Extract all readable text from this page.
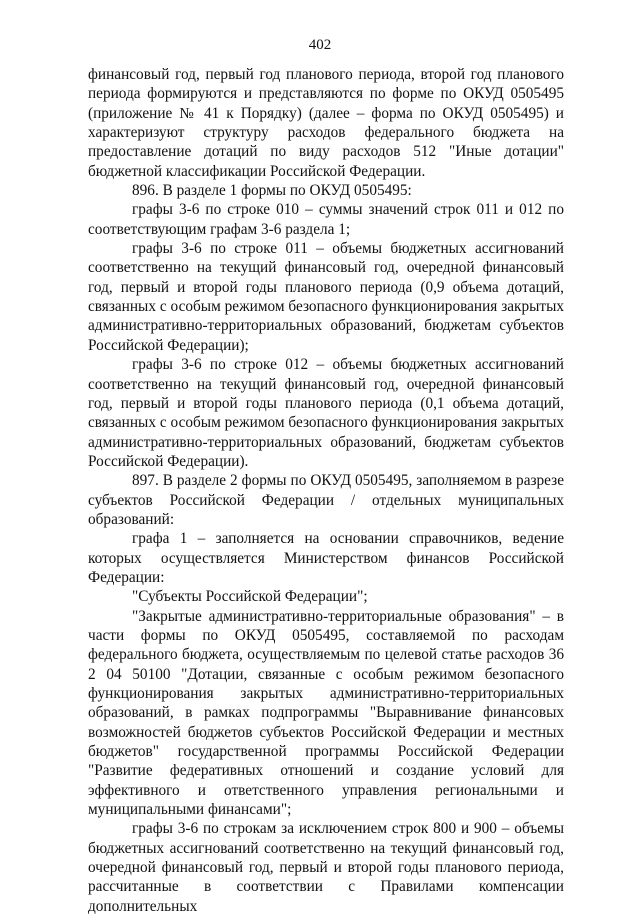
402

финансовый год, первый год планового периода, второй год планового периода формируются и представляются по форме по ОКУД 0505495 (приложение № 41 к Порядку) (далее – форма по ОКУД 0505495) и характеризуют структуру расходов федерального бюджета на предоставление дотаций по виду расходов 512 "Иные дотации" бюджетной классификации Российской Федерации.

896. В разделе 1 формы по ОКУД 0505495:

графы 3-6 по строке 010 – суммы значений строк 011 и 012 по соответствующим графам 3-6 раздела 1;

графы 3-6 по строке 011 – объемы бюджетных ассигнований соответственно на текущий финансовый год, очередной финансовый год, первый и второй годы планового периода (0,9 объема дотаций, связанных с особым режимом безопасного функционирования закрытых административно-территориальных образований, бюджетам субъектов Российской Федерации);

графы 3-6 по строке 012 – объемы бюджетных ассигнований соответственно на текущий финансовый год, очередной финансовый год, первый и второй годы планового периода (0,1 объема дотаций, связанных с особым режимом безопасного функционирования закрытых административно-территориальных образований, бюджетам субъектов Российской Федерации).

897. В разделе 2 формы по ОКУД 0505495, заполняемом в разрезе субъектов Российской Федерации / отдельных муниципальных образований:

графа 1 – заполняется на основании справочников, ведение которых осуществляется Министерством финансов Российской Федерации:

"Субъекты Российской Федерации";

"Закрытые административно-территориальные образования" – в части формы по ОКУД 0505495, составляемой по расходам федерального бюджета, осуществляемым по целевой статье расходов 36 2 04 50100 "Дотации, связанные с особым режимом безопасного функционирования закрытых административно-территориальных образований, в рамках подпрограммы "Выравнивание финансовых возможностей бюджетов субъектов Российской Федерации и местных бюджетов" государственной программы Российской Федерации "Развитие федеративных отношений и создание условий для эффективного и ответственного управления региональными и муниципальными финансами";

графы 3-6 по строкам за исключением строк 800 и 900 – объемы бюджетных ассигнований соответственно на текущий финансовый год, очередной финансовый год, первый и второй годы планового периода, рассчитанные в соответствии с Правилами компенсации дополнительных
